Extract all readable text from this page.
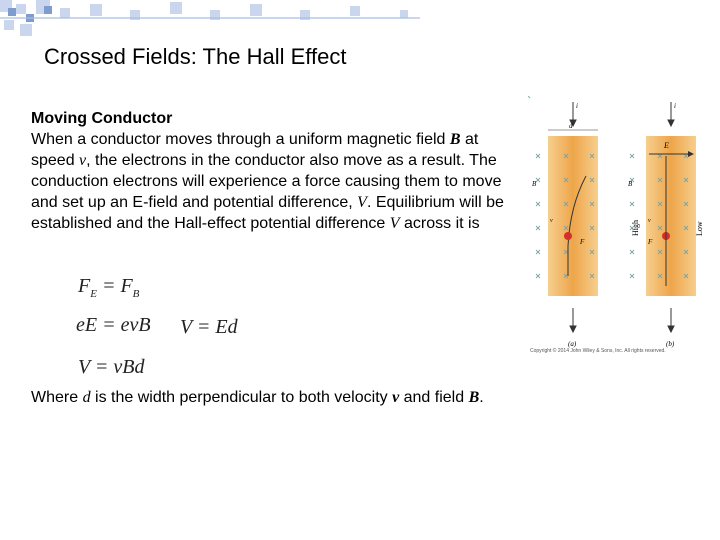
Crossed Fields: The Hall Effect
Moving Conductor
When a conductor moves through a uniform magnetic field B at speed v, the electrons in the conductor also move as a result. The conduction electrons will experience a force causing them to move and set up an E-field and potential difference, V. Equilibrium will be established and the Hall-effect potential difference V across it is
$F_E = F_B$
eE = evB V = Ed
V = vBd
Where d is the width perpendicular to both velocity v and field B.
i	i
d
E
v	v
F	F
B	B
High	Low
(a)	(b)
Copyright © 2014 John Wiley & Sons, Inc. All rights reserved.
